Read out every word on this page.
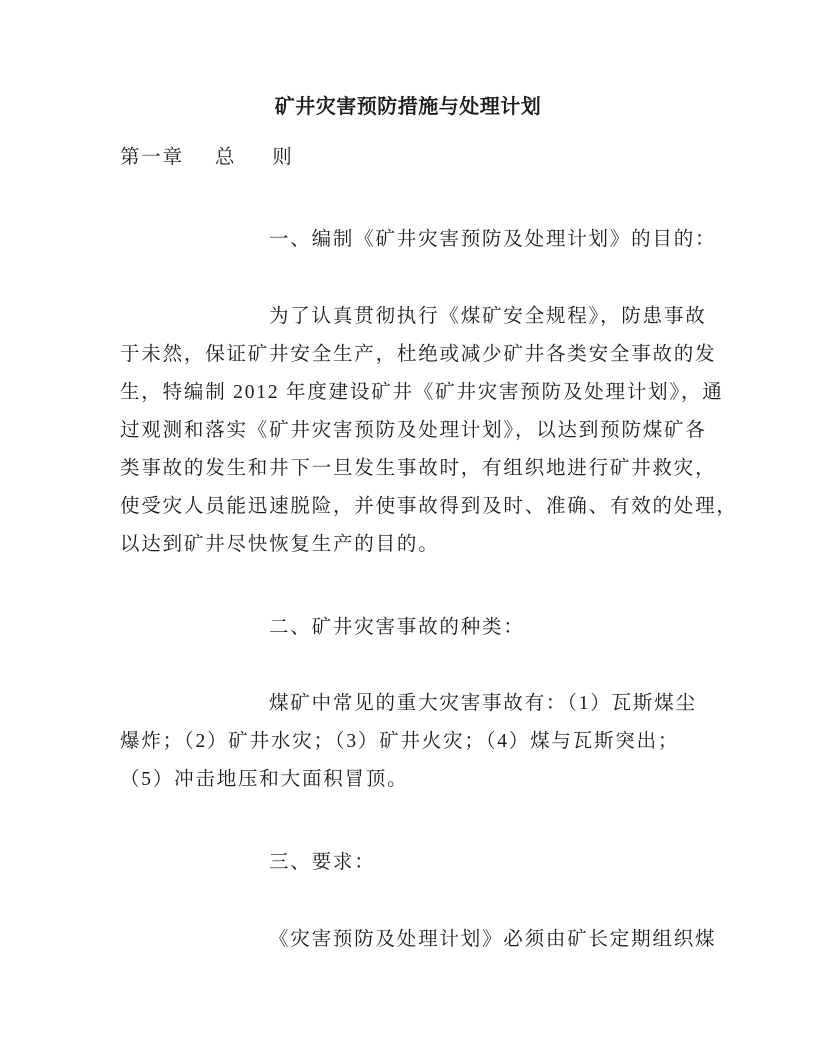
矿井灾害预防措施与处理计划
第一章 总 则
一、编制《矿井灾害预防及处理计划》的目的：
为了认真贯彻执行《煤矿安全规程》，防患事故
于未然，保证矿井安全生产，杜绝或减少矿井各类安全事故的发
生，特编制 2012 年度建设矿井《矿井灾害预防及处理计划》，通
过观测和落实《矿井灾害预防及处理计划》，以达到预防煤矿各
类事故的发生和井下一旦发生事故时，有组织地进行矿井救灾，
使受灾人员能迅速脱险，并使事故得到及时、准确、有效的处理，
以达到矿井尽快恢复生产的目的。
二、矿井灾害事故的种类：
煤矿中常见的重大灾害事故有：（1）瓦斯煤尘
爆炸；（2）矿井水灾；（3）矿井火灾；（4）煤与瓦斯突出；
（5）冲击地压和大面积冒顶。
三、要求：
《灾害预防及处理计划》必须由矿长定期组织煤
